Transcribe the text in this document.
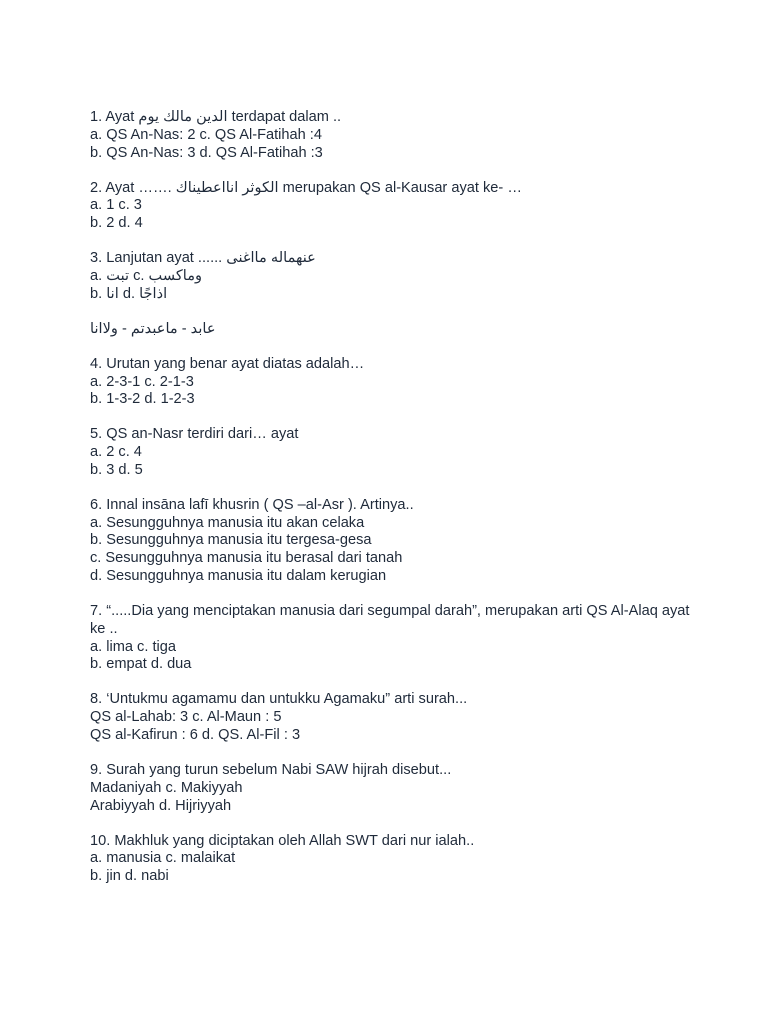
1. Ayat الدين مالك يوم terdapat dalam ..
a. QS An-Nas: 2 c. QS Al-Fatihah :4
b. QS An-Nas: 3 d. QS Al-Fatihah :3
2. Ayat ……. الكوثر انااعطيناك merupakan QS al-Kausar ayat ke- …
a. 1 c. 3
b. 2 d. 4
3. Lanjutan ayat ...... عنهماله مااغنى
a. تبت c. وماكسب
b. انا d. اذاجًا
عابد - ماعبدتم - ولاانا
4. Urutan yang benar ayat diatas adalah…
a. 2-3-1 c. 2-1-3
b. 1-3-2 d. 1-2-3
5. QS an-Nasr terdiri dari… ayat
a. 2 c. 4
b. 3 d. 5
6. Innal insāna lafī khusrin ( QS –al-Asr ). Artinya..
a. Sesungguhnya manusia itu akan celaka
b. Sesungguhnya manusia itu tergesa-gesa
c. Sesungguhnya manusia itu berasal dari tanah
d. Sesungguhnya manusia itu dalam kerugian
7. “.....Dia yang menciptakan manusia dari segumpal darah”, merupakan arti QS Al-Alaq ayat ke ..
a. lima c. tiga
b. empat d. dua
8. ‘Untukmu agamamu dan untukku Agamaku” arti surah...
QS al-Lahab: 3 c. Al-Maun : 5
QS al-Kafirun : 6 d. QS. Al-Fil : 3
9. Surah yang turun sebelum Nabi SAW hijrah disebut...
Madaniyah c. Makiyyah
Arabiyyah d. Hijriyyah
10. Makhluk yang diciptakan oleh Allah SWT dari nur ialah..
a. manusia c. malaikat
b. jin d. nabi
